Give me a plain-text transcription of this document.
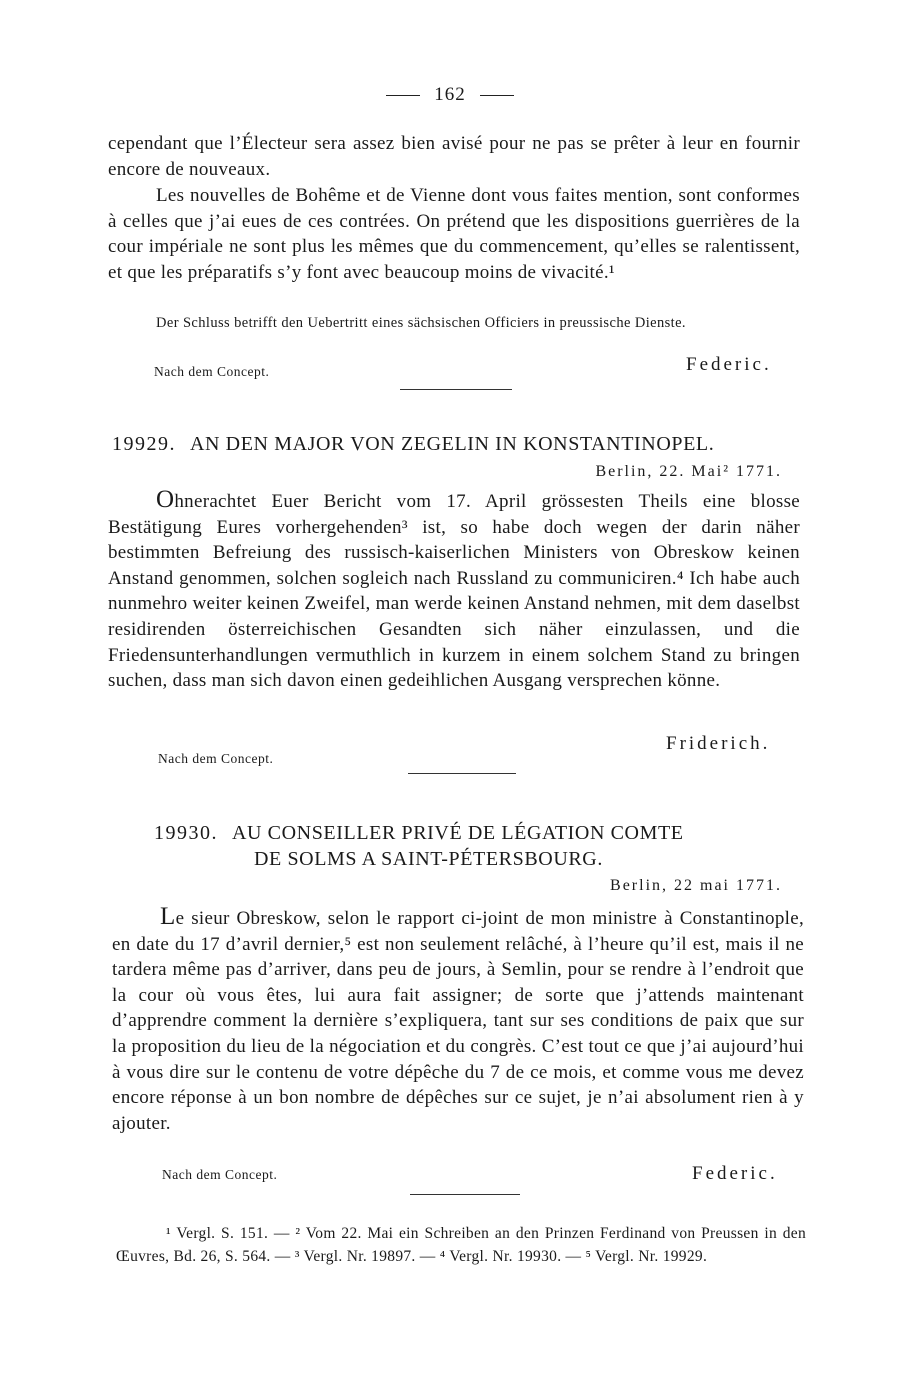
162

cependant que l’Électeur sera assez bien avisé pour ne pas se prêter à leur en fournir encore de nouveaux.

Les nouvelles de Bohême et de Vienne dont vous faites mention, sont conformes à celles que j’ai eues de ces contrées. On prétend que les dispositions guerrières de la cour impériale ne sont plus les mêmes que du commencement, qu’elles se ralentissent, et que les préparatifs s’y font avec beaucoup moins de vivacité.¹

Der Schluss betrifft den Uebertritt eines sächsischen Officiers in preussische Dienste.

Nach dem Concept.	Federic.
19929. AN DEN MAJOR VON ZEGELIN IN KONSTANTINOPEL.
Berlin, 22. Mai² 1771.

Ohnerachtet Euer Bericht vom 17. April grössesten Theils eine blosse Bestätigung Eures vorhergehenden³ ist, so habe doch wegen der darin näher bestimmten Befreiung des russisch-kaiserlichen Ministers von Obreskow keinen Anstand genommen, solchen sogleich nach Russland zu communiciren.⁴ Ich habe auch nunmehro weiter keinen Zweifel, man werde keinen Anstand nehmen, mit dem daselbst residirenden österreichischen Gesandten sich näher einzulassen, und die Friedensunterhandlungen vermuthlich in kurzem in einem solchem Stand zu bringen suchen, dass man sich davon einen gedeihlichen Ausgang versprechen könne.

Nach dem Concept.
Friderich.
19930. AU CONSEILLER PRIVÉ DE LÉGATION COMTE
DE SOLMS A SAINT-PÉTERSBOURG.
Berlin, 22 mai 1771.

Le sieur Obreskow, selon le rapport ci-joint de mon ministre à Constantinople, en date du 17 d’avril dernier,⁵ est non seulement relâché, à l’heure qu’il est, mais il ne tardera même pas d’arriver, dans peu de jours, à Semlin, pour se rendre à l’endroit que la cour où vous êtes, lui aura fait assigner; de sorte que j’attends maintenant d’apprendre comment la dernière s’expliquera, tant sur ses conditions de paix que sur la proposition du lieu de la négociation et du congrès. C’est tout ce que j’ai aujourd’hui à vous dire sur le contenu de votre dépêche du 7 de ce mois, et comme vous me devez encore réponse à un bon nombre de dépêches sur ce sujet, je n’ai absolument rien à y ajouter.

Nach dem Concept.	Federic.

¹ Vergl. S. 151. — ² Vom 22. Mai ein Schreiben an den Prinzen Ferdinand von Preussen in den Œuvres, Bd. 26, S. 564. — ³ Vergl. Nr. 19897. — ⁴ Vergl. Nr. 19930. — ⁵ Vergl. Nr. 19929.
